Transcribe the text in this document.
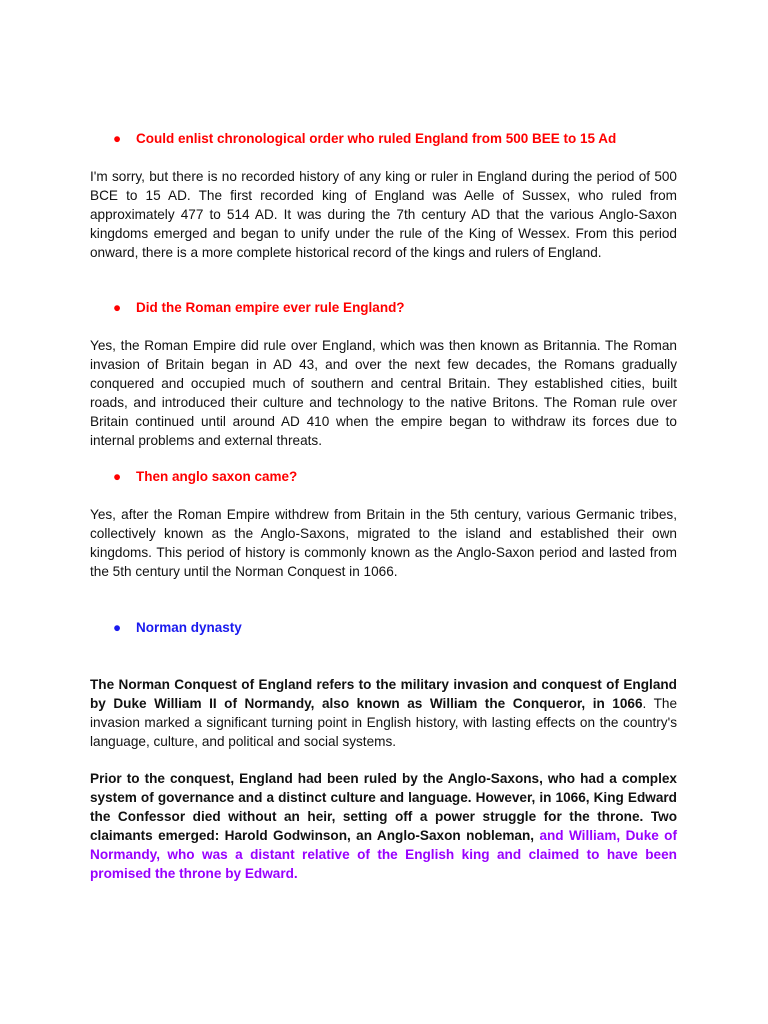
● Could enlist chronological order who ruled England from 500 BEE to 15 Ad

I'm sorry, but there is no recorded history of any king or ruler in England during the period of 500 BCE to 15 AD. The first recorded king of England was Aelle of Sussex, who ruled from approximately 477 to 514 AD. It was during the 7th century AD that the various Anglo-Saxon kingdoms emerged and began to unify under the rule of the King of Wessex. From this period onward, there is a more complete historical record of the kings and rulers of England.

● Did the Roman empire ever rule England?

Yes, the Roman Empire did rule over England, which was then known as Britannia. The Roman invasion of Britain began in AD 43, and over the next few decades, the Romans gradually conquered and occupied much of southern and central Britain. They established cities, built roads, and introduced their culture and technology to the native Britons. The Roman rule over Britain continued until around AD 410 when the empire began to withdraw its forces due to internal problems and external threats.

● Then anglo saxon came?

Yes, after the Roman Empire withdrew from Britain in the 5th century, various Germanic tribes, collectively known as the Anglo-Saxons, migrated to the island and established their own kingdoms. This period of history is commonly known as the Anglo-Saxon period and lasted from the 5th century until the Norman Conquest in 1066.

● Norman dynasty

The Norman Conquest of England refers to the military invasion and conquest of England by Duke William II of Normandy, also known as William the Conqueror, in 1066. The invasion marked a significant turning point in English history, with lasting effects on the country's language, culture, and political and social systems.

Prior to the conquest, England had been ruled by the Anglo-Saxons, who had a complex system of governance and a distinct culture and language. However, in 1066, King Edward the Confessor died without an heir, setting off a power struggle for the throne. Two claimants emerged: Harold Godwinson, an Anglo-Saxon nobleman, and William, Duke of Normandy, who was a distant relative of the English king and claimed to have been promised the throne by Edward.
